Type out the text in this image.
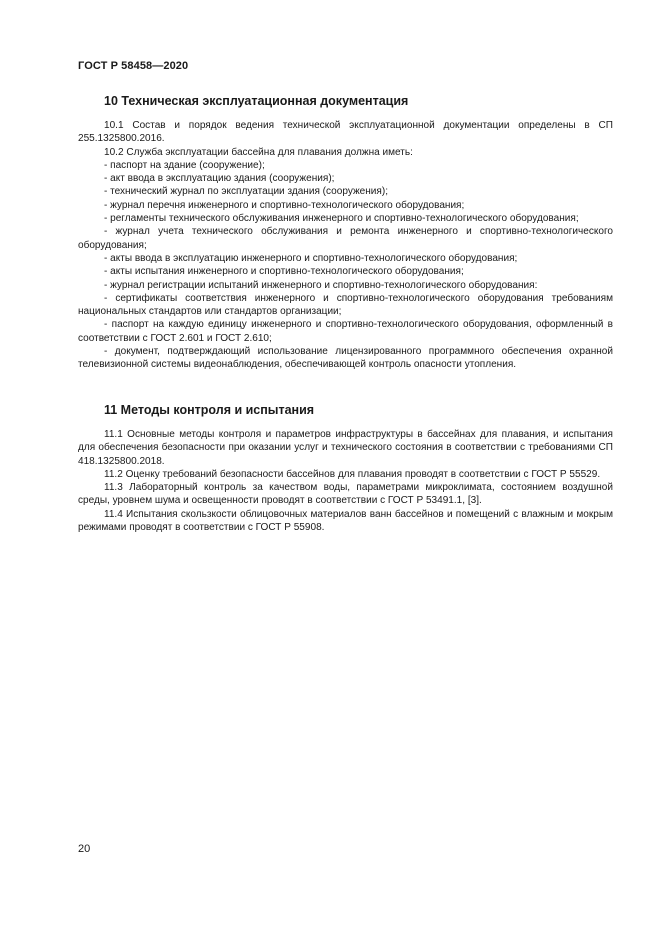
ГОСТ Р 58458—2020
10 Техническая эксплуатационная документация
10.1 Состав и порядок ведения технической эксплуатационной документации определены в СП 255.1325800.2016.
10.2 Служба эксплуатации бассейна для плавания должна иметь:
- паспорт на здание (сооружение);
- акт ввода в эксплуатацию здания (сооружения);
- технический журнал по эксплуатации здания (сооружения);
- журнал перечня инженерного и спортивно-технологического оборудования;
- регламенты технического обслуживания инженерного и спортивно-технологического оборудования;
- журнал учета технического обслуживания и ремонта инженерного и спортивно-технологического оборудования;
- акты ввода в эксплуатацию инженерного и спортивно-технологического оборудования;
- акты испытания инженерного и спортивно-технологического оборудования;
- журнал регистрации испытаний инженерного и спортивно-технологического оборудования:
- сертификаты соответствия инженерного и спортивно-технологического оборудования требованиям национальных стандартов или стандартов организации;
- паспорт на каждую единицу инженерного и спортивно-технологического оборудования, оформленный в соответствии с ГОСТ 2.601 и ГОСТ 2.610;
- документ, подтверждающий использование лицензированного программного обеспечения охранной телевизионной системы видеонаблюдения, обеспечивающей контроль опасности утопления.
11 Методы контроля и испытания
11.1 Основные методы контроля и параметров инфраструктуры в бассейнах для плавания, и испытания для обеспечения безопасности при оказании услуг и технического состояния в соответствии с требованиями СП 418.1325800.2018.
11.2 Оценку требований безопасности бассейнов для плавания проводят в соответствии с ГОСТ Р 55529.
11.3 Лабораторный контроль за качеством воды, параметрами микроклимата, состоянием воздушной среды, уровнем шума и освещенности проводят в соответствии с ГОСТ Р 53491.1, [3].
11.4 Испытания скользкости облицовочных материалов ванн бассейнов и помещений с влажным и мокрым режимами проводят в соответствии с ГОСТ Р 55908.
20
